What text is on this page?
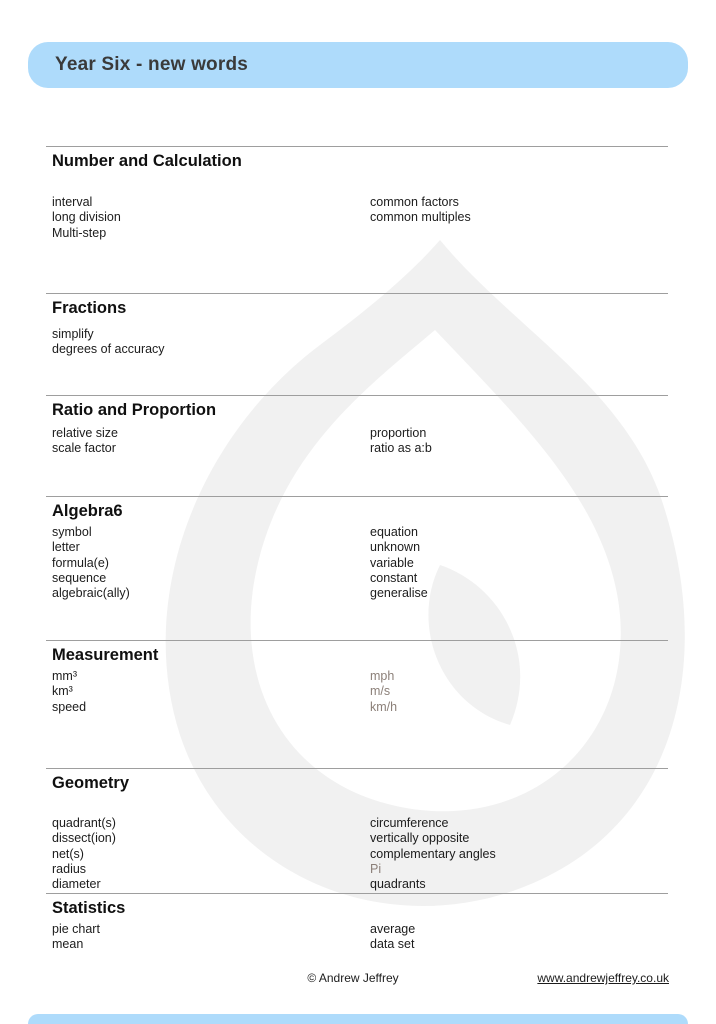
Year Six - new words
Number and Calculation
interval
long division
Multi-step
common factors
common multiples
Fractions
simplify
degrees of accuracy
Ratio and Proportion
relative size
scale factor
proportion
ratio as a:b
Algebra6
symbol
letter
formula(e)
sequence
algebraic(ally)
equation
unknown
variable
constant
generalise
Measurement
mm³
km³
speed
mph
m/s
km/h
Geometry
quadrant(s)
dissect(ion)
net(s)
radius
diameter
circumference
vertically opposite
complementary angles
Pi
quadrants
Statistics
pie chart
mean
average
data set
© Andrew Jeffrey	www.andrewjeffrey.co.uk
